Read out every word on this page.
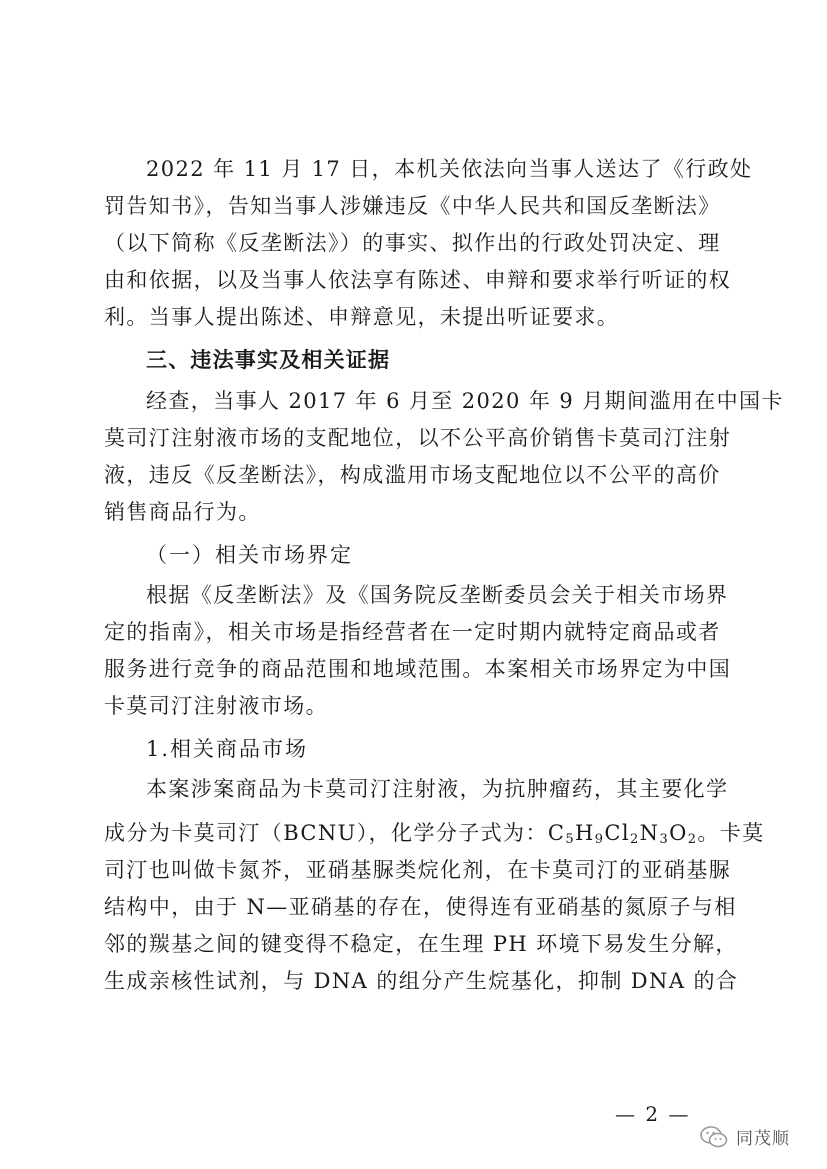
2022 年 11 月 17 日，本机关依法向当事人送达了《行政处
罚告知书》，告知当事人涉嫌违反《中华人民共和国反垄断法》
（以下简称《反垄断法》）的事实、拟作出的行政处罚决定、理
由和依据，以及当事人依法享有陈述、申辩和要求举行听证的权
利。当事人提出陈述、申辩意见，未提出听证要求。
三、违法事实及相关证据
经查，当事人 2017 年 6 月至 2020 年 9 月期间滥用在中国卡
莫司汀注射液市场的支配地位，以不公平高价销售卡莫司汀注射
液，违反《反垄断法》，构成滥用市场支配地位以不公平的高价
销售商品行为。
（一）相关市场界定
根据《反垄断法》及《国务院反垄断委员会关于相关市场界
定的指南》，相关市场是指经营者在一定时期内就特定商品或者
服务进行竞争的商品范围和地域范围。本案相关市场界定为中国
卡莫司汀注射液市场。
1.相关商品市场
本案涉案商品为卡莫司汀注射液，为抗肿瘤药，其主要化学
成分为卡莫司汀（BCNU），化学分子式为：$C_5H_9Cl_2N_3O_2$。卡莫
司汀也叫做卡氮芥，亚硝基脲类烷化剂，在卡莫司汀的亚硝基脲
结构中，由于 N—亚硝基的存在，使得连有亚硝基的氮原子与相
邻的羰基之间的键变得不稳定，在生理 PH 环境下易发生分解，
生成亲核性试剂，与 DNA 的组分产生烷基化，抑制 DNA 的合
— 2 —
同茂顺
